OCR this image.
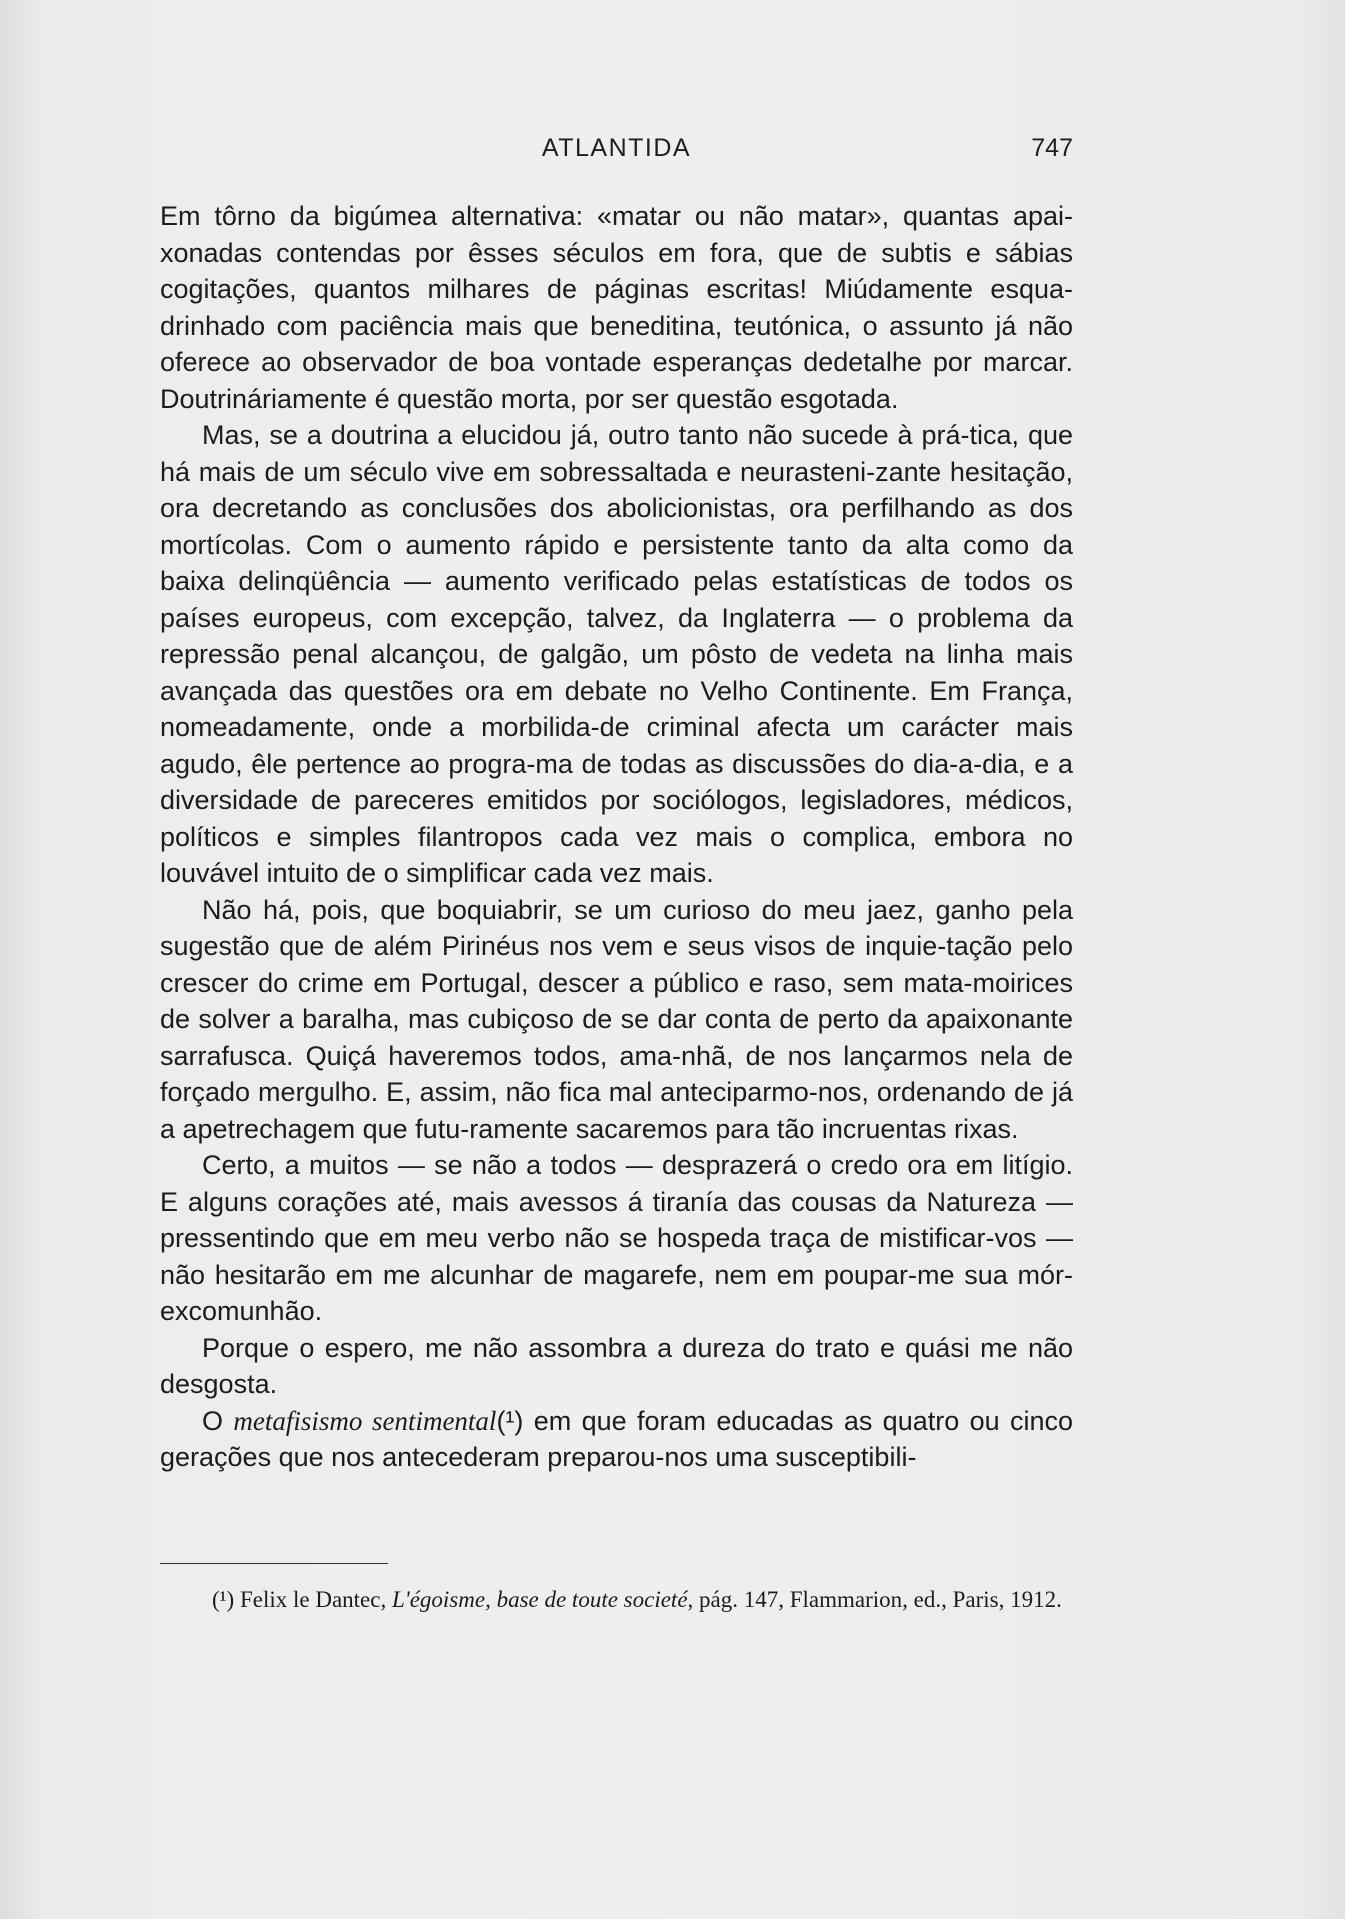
ATLANTIDA	747

Em tôrno da bigúmea alternativa: «matar ou não matar», quantas apai-xonadas contendas por êsses séculos em fora, que de subtis e sábias cogitações, quantos milhares de páginas escritas! Miúdamente esqua-drinhado com paciência mais que beneditina, teutónica, o assunto já não oferece ao observador de boa vontade esperanças dedetalhe por marcar. Doutrináriamente é questão morta, por ser questão esgotada.

Mas, se a doutrina a elucidou já, outro tanto não sucede à prá-tica, que há mais de um século vive em sobressaltada e neurasteni-zante hesitação, ora decretando as conclusões dos abolicionistas, ora perfilhando as dos mortícolas. Com o aumento rápido e persistente tanto da alta como da baixa delinqüência — aumento verificado pelas estatísticas de todos os países europeus, com excepção, talvez, da Inglaterra — o problema da repressão penal alcançou, de galgão, um pôsto de vedeta na linha mais avançada das questões ora em debate no Velho Continente. Em França, nomeadamente, onde a morbilida-de criminal afecta um carácter mais agudo, êle pertence ao progra-ma de todas as discussões do dia-a-dia, e a diversidade de pareceres emitidos por sociólogos, legisladores, médicos, políticos e simples filantropos cada vez mais o complica, embora no louvável intuito de o simplificar cada vez mais.

Não há, pois, que boquiabrir, se um curioso do meu jaez, ganho pela sugestão que de além Pirinéus nos vem e seus visos de inquie-tação pelo crescer do crime em Portugal, descer a público e raso, sem mata-moirices de solver a baralha, mas cubiçoso de se dar conta de perto da apaixonante sarrafusca. Quiçá haveremos todos, ama-nhã, de nos lançarmos nela de forçado mergulho. E, assim, não fica mal anteciparmo-nos, ordenando de já a apetrechagem que futu-ramente sacaremos para tão incruentas rixas.

Certo, a muitos — se não a todos — desprazerá o credo ora em litígio. E alguns corações até, mais avessos á tiranía das cousas da Natureza — pressentindo que em meu verbo não se hospeda traça de mistificar-vos — não hesitarão em me alcunhar de magarefe, nem em poupar-me sua mór-excomunhão.

Porque o espero, me não assombra a dureza do trato e quási me não desgosta.

O metafisismo sentimental(¹) em que foram educadas as quatro ou cinco gerações que nos antecederam preparou-nos uma susceptibili-

(¹) Felix le Dantec, L'égoisme, base de toute societé, pág. 147, Flammarion, ed., Paris, 1912.
